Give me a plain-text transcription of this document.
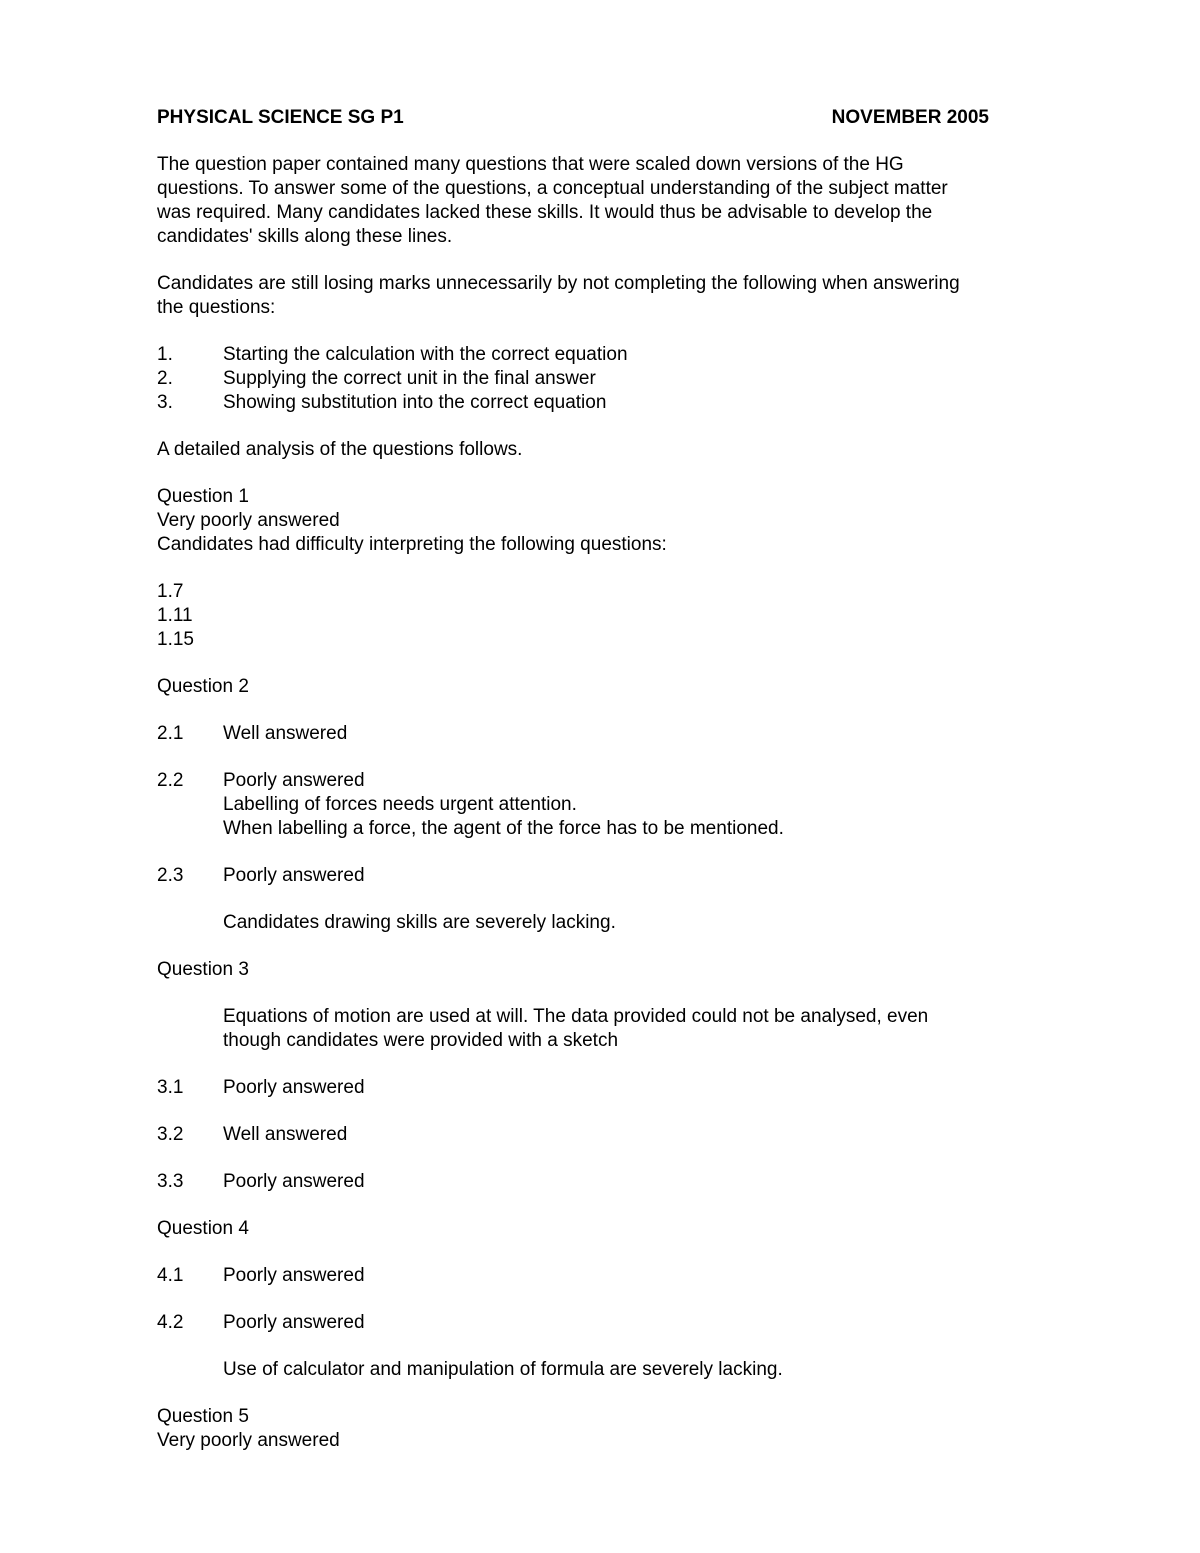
PHYSICAL SCIENCE SG P1	NOVEMBER 2005

The question paper contained many questions that were scaled down versions of the HG

questions. To answer some of the questions, a conceptual understanding of the subject matter

was required. Many candidates lacked these skills. It would thus be advisable to develop the

candidates' skills along these lines.

Candidates are still losing marks unnecessarily by not completing the following when answering

the questions:

1.	Starting the calculation with the correct equation
2.	Supplying the correct unit in the final answer
3.	Showing substitution into the correct equation

A detailed analysis of the questions follows.

Question 1

Very poorly answered

Candidates had difficulty interpreting the following questions:

1.7

1.11

1.15

Question 2

2.1	Well answered
2.2	Poorly answered

Labelling of forces needs urgent attention.

When labelling a force, the agent of the force has to be mentioned.

2.3	Poorly answered

Candidates drawing skills are severely lacking.

Question 3

Equations of motion are used at will. The data provided could not be analysed, even

though candidates were provided with a sketch

3.1	Poorly answered
3.2	Well answered
3.3	Poorly answered

Question 4

4.1	Poorly answered
4.2	Poorly answered

Use of calculator and manipulation of formula are severely lacking.

Question 5

Very poorly answered
